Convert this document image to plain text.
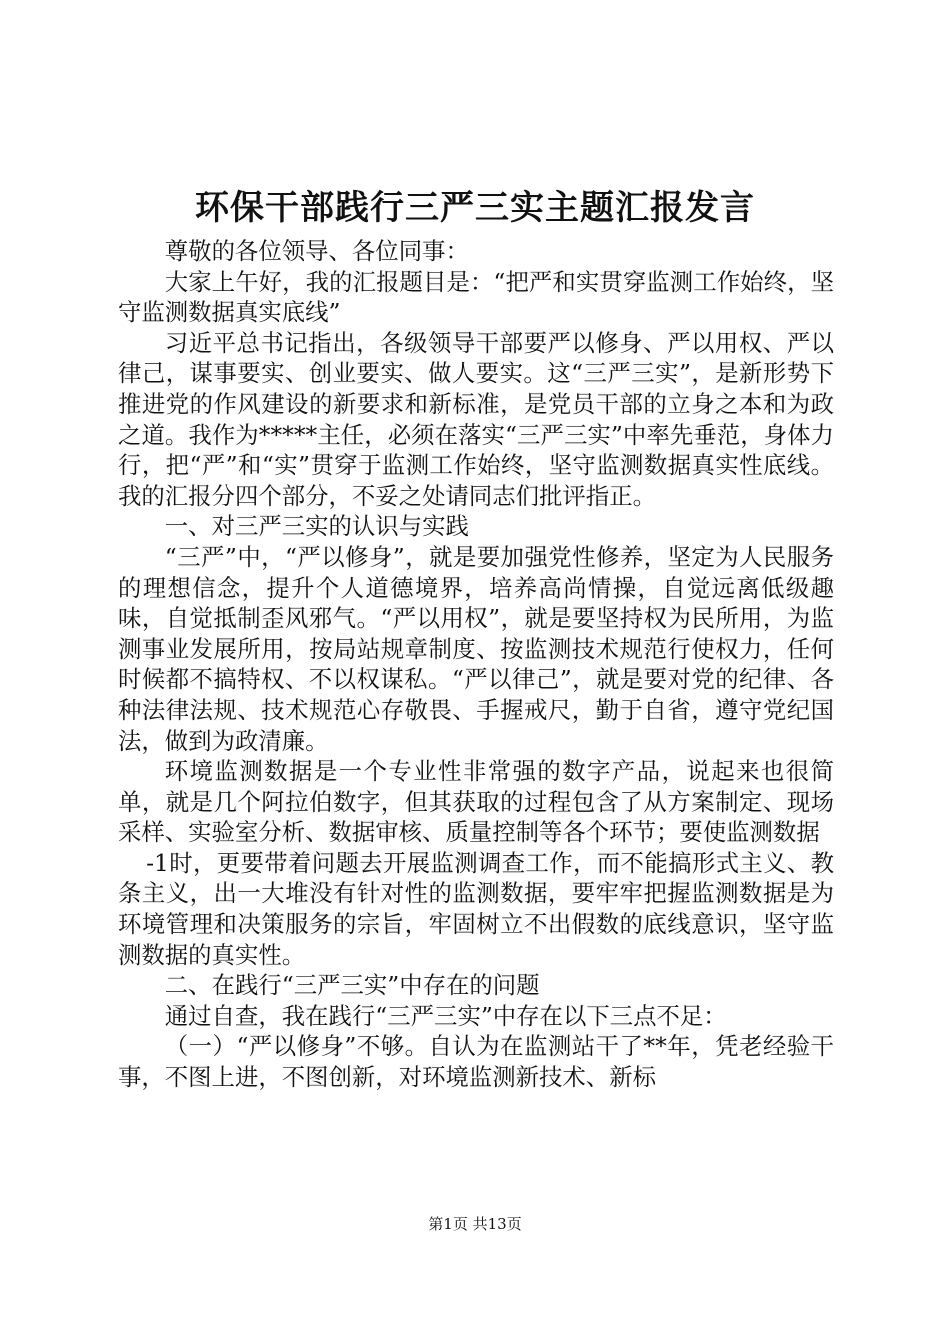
环保干部践行三严三实主题汇报发言

尊敬的各位领导、各位同事：

大家上午好，我的汇报题目是：“把严和实贯穿监测工作始终，坚守监测数据真实底线”

习近平总书记指出，各级领导干部要严以修身、严以用权、严以律己，谋事要实、创业要实、做人要实。这“三严三实”，是新形势下推进党的作风建设的新要求和新标准，是党员干部的立身之本和为政之道。我作为*****主任，必须在落实“三严三实”中率先垂范，身体力行，把“严”和“实”贯穿于监测工作始终，坚守监测数据真实性底线。我的汇报分四个部分，不妥之处请同志们批评指正。

一、对三严三实的认识与实践

“三严”中，“严以修身”，就是要加强党性修养，坚定为人民服务的理想信念，提升个人道德境界，培养高尚情操，自觉远离低级趣味，自觉抵制歪风邪气。“严以用权”，就是要坚持权为民所用，为监测事业发展所用，按局站规章制度、按监测技术规范行使权力，任何时候都不搞特权、不以权谋私。“严以律己”，就是要对党的纪律、各种法律法规、技术规范心存敬畏、手握戒尺，勤于自省，遵守党纪国法，做到为政清廉。

环境监测数据是一个专业性非常强的数字产品，说起来也很简单，就是几个阿拉伯数字，但其获取的过程包含了从方案制定、现场采样、实验室分析、数据审核、质量控制等各个环节；要使监测数据

-1时，更要带着问题去开展监测调查工作，而不能搞形式主义、教条主义，出一大堆没有针对性的监测数据，要牢牢把握监测数据是为环境管理和决策服务的宗旨，牢固树立不出假数的底线意识，坚守监测数据的真实性。

二、在践行“三严三实”中存在的问题

通过自查，我在践行“三严三实”中存在以下三点不足：

（一）“严以修身”不够。自认为在监测站干了**年，凭老经验干事，不图上进，不图创新，对环境监测新技术、新标

第1页 共13页
